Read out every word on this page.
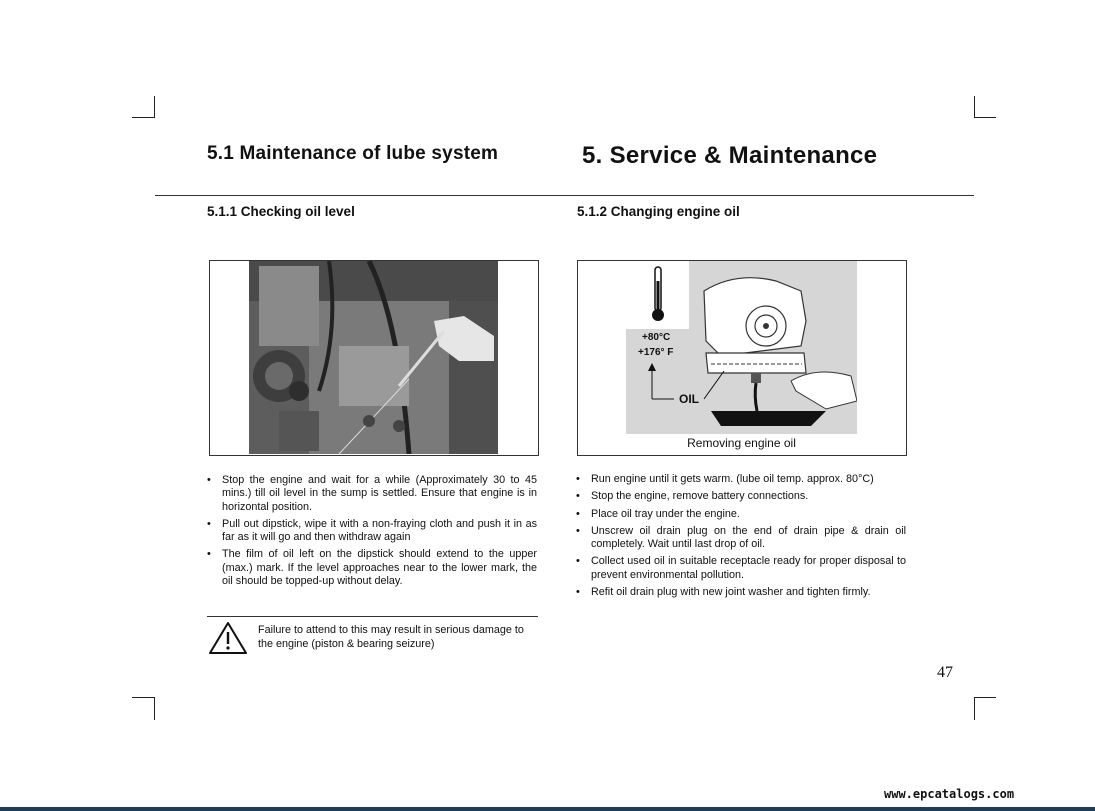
5.1 Maintenance of lube system	5. Service & Maintenance
5.1.1 Checking oil level	5.1.2 Changing engine oil
+80°C
+176° F
OIL
Removing engine oil
• Stop the engine and wait for a while (Approximately 30 to 45 mins.) till oil level in the sump is settled. Ensure that engine is in horizontal position.
• Pull out dipstick, wipe it with a non-fraying cloth and push it in as far as it will go and then withdraw again
• The film of oil left on the dipstick should extend to the upper (max.) mark. If the level approaches near to the lower mark, the oil should be topped-up without delay.
• Run engine until it gets warm. (lube oil temp. approx. 80°C)
• Stop the engine, remove battery connections.
• Place oil tray under the engine.
• Unscrew oil drain plug on the end of drain pipe & drain oil completely. Wait until last drop of oil.
• Collect used oil in suitable receptacle ready for proper disposal to prevent environmental pollution.
• Refit oil drain plug with new joint washer and tighten firmly.
Failure to attend to this may result in serious damage to the engine (piston & bearing seizure)
47
www.epcatalogs.com
